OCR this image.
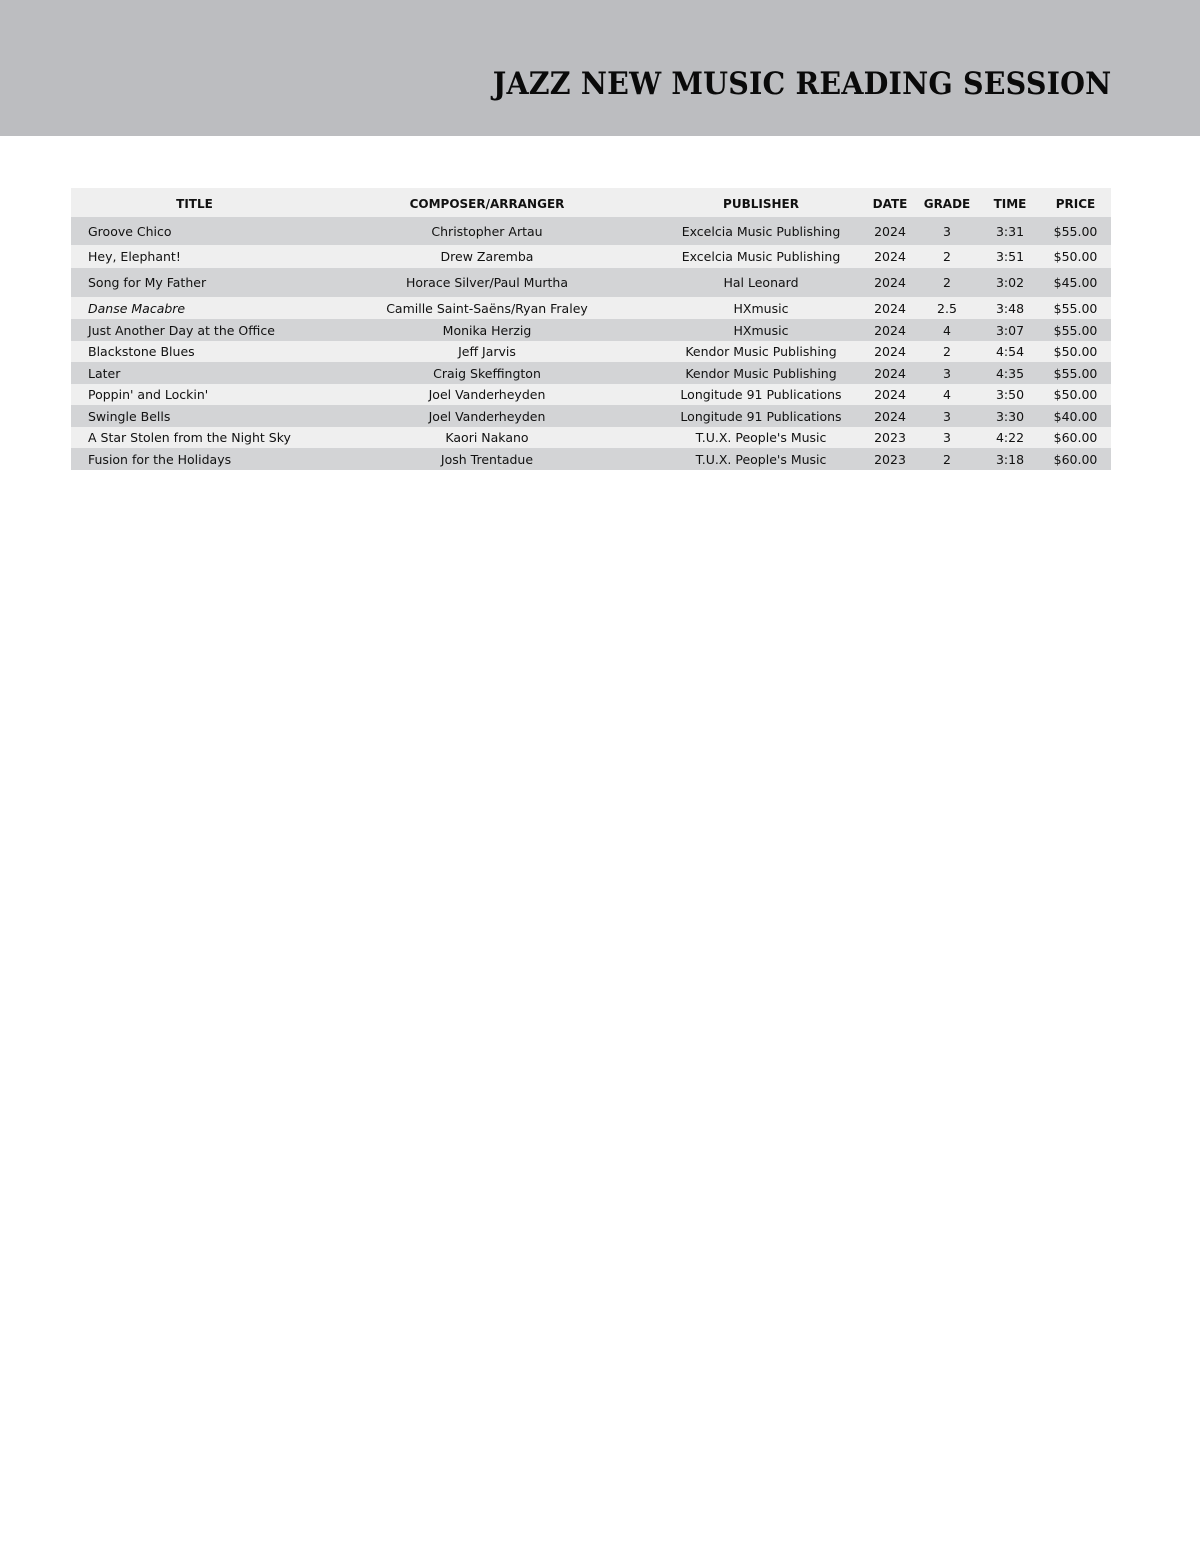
JAZZ NEW MUSIC READING SESSION
TITLE	COMPOSER/ARRANGER	PUBLISHER	DATE	GRADE	TIME	PRICE
Groove Chico	Christopher Artau	Excelcia Music Publishing	2024	3	3:31	$55.00
Hey, Elephant!	Drew Zaremba	Excelcia Music Publishing	2024	2	3:51	$50.00
Song for My Father	Horace Silver/Paul Murtha	Hal Leonard	2024	2	3:02	$45.00
Danse Macabre	Camille Saint-Saëns/Ryan Fraley	HXmusic	2024	2.5	3:48	$55.00
Just Another Day at the Office	Monika Herzig	HXmusic	2024	4	3:07	$55.00
Blackstone Blues	Jeff Jarvis	Kendor Music Publishing	2024	2	4:54	$50.00
Later	Craig Skeffington	Kendor Music Publishing	2024	3	4:35	$55.00
Poppin' and Lockin'	Joel Vanderheyden	Longitude 91 Publications	2024	4	3:50	$50.00
Swingle Bells	Joel Vanderheyden	Longitude 91 Publications	2024	3	3:30	$40.00
A Star Stolen from the Night Sky	Kaori Nakano	T.U.X. People's Music	2023	3	4:22	$60.00
Fusion for the Holidays	Josh Trentadue	T.U.X. People's Music	2023	2	3:18	$60.00
